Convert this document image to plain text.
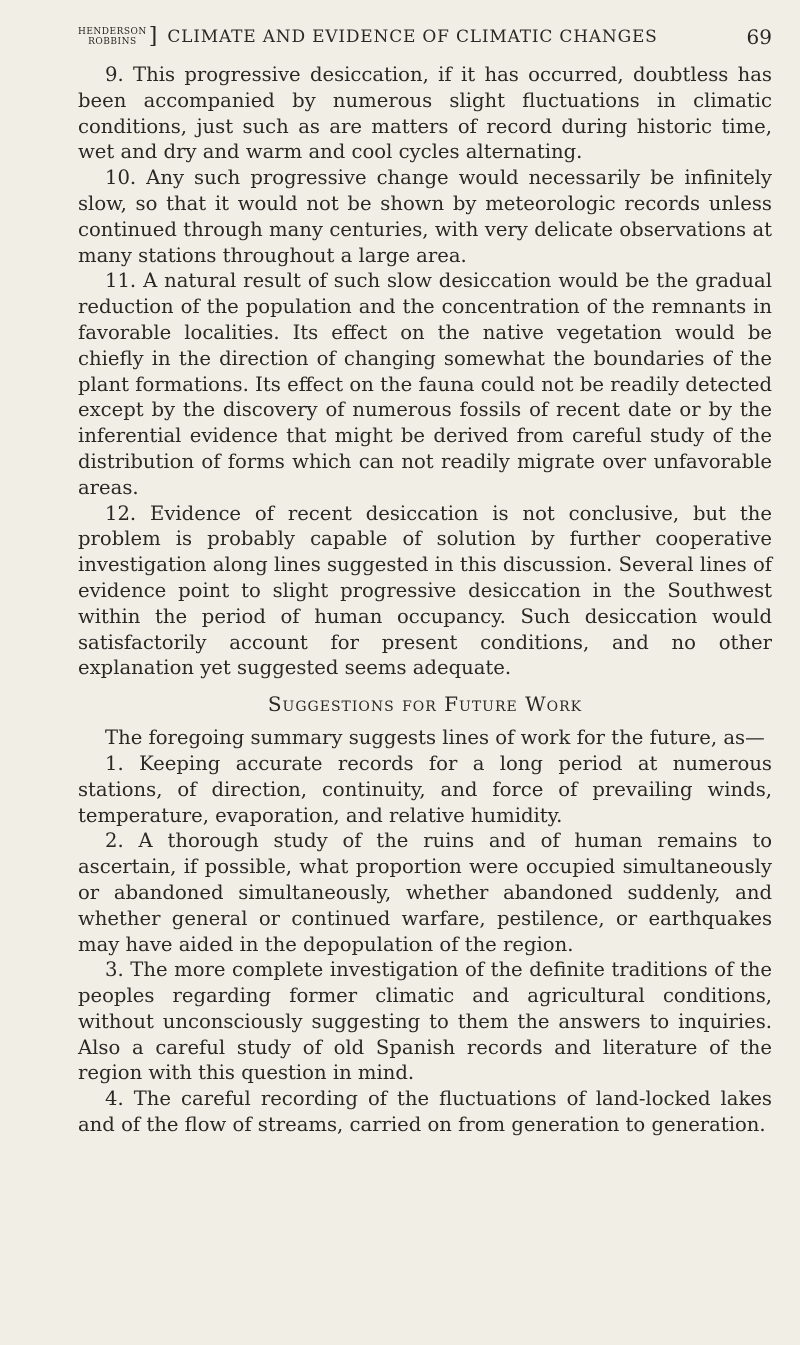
HENDERSON
ROBBINS ] CLIMATE AND EVIDENCE OF CLIMATIC CHANGES	69

9. This progressive desiccation, if it has occurred, doubtless has been accompanied by numerous slight fluctuations in climatic conditions, just such as are matters of record during historic time, wet and dry and warm and cool cycles alternating.

10. Any such progressive change would necessarily be infinitely slow, so that it would not be shown by meteorologic records unless continued through many centuries, with very delicate observations at many stations throughout a large area.

11. A natural result of such slow desiccation would be the gradual reduction of the population and the concentration of the remnants in favorable localities. Its effect on the native vegetation would be chiefly in the direction of changing somewhat the boundaries of the plant formations. Its effect on the fauna could not be readily detected except by the discovery of numerous fossils of recent date or by the inferential evidence that might be derived from careful study of the distribution of forms which can not readily migrate over unfavorable areas.

12. Evidence of recent desiccation is not conclusive, but the problem is probably capable of solution by further cooperative investigation along lines suggested in this discussion. Several lines of evidence point to slight progressive desiccation in the Southwest within the period of human occupancy. Such desiccation would satisfactorily account for present conditions, and no other explanation yet suggested seems adequate.

Suggestions for Future Work

The foregoing summary suggests lines of work for the future, as—

1. Keeping accurate records for a long period at numerous stations, of direction, continuity, and force of prevailing winds, temperature, evaporation, and relative humidity.

2. A thorough study of the ruins and of human remains to ascertain, if possible, what proportion were occupied simultaneously or abandoned simultaneously, whether abandoned suddenly, and whether general or continued warfare, pestilence, or earthquakes may have aided in the depopulation of the region.

3. The more complete investigation of the definite traditions of the peoples regarding former climatic and agricultural conditions, without unconsciously suggesting to them the answers to inquiries. Also a careful study of old Spanish records and literature of the region with this question in mind.

4. The careful recording of the fluctuations of land-locked lakes and of the flow of streams, carried on from generation to generation.
